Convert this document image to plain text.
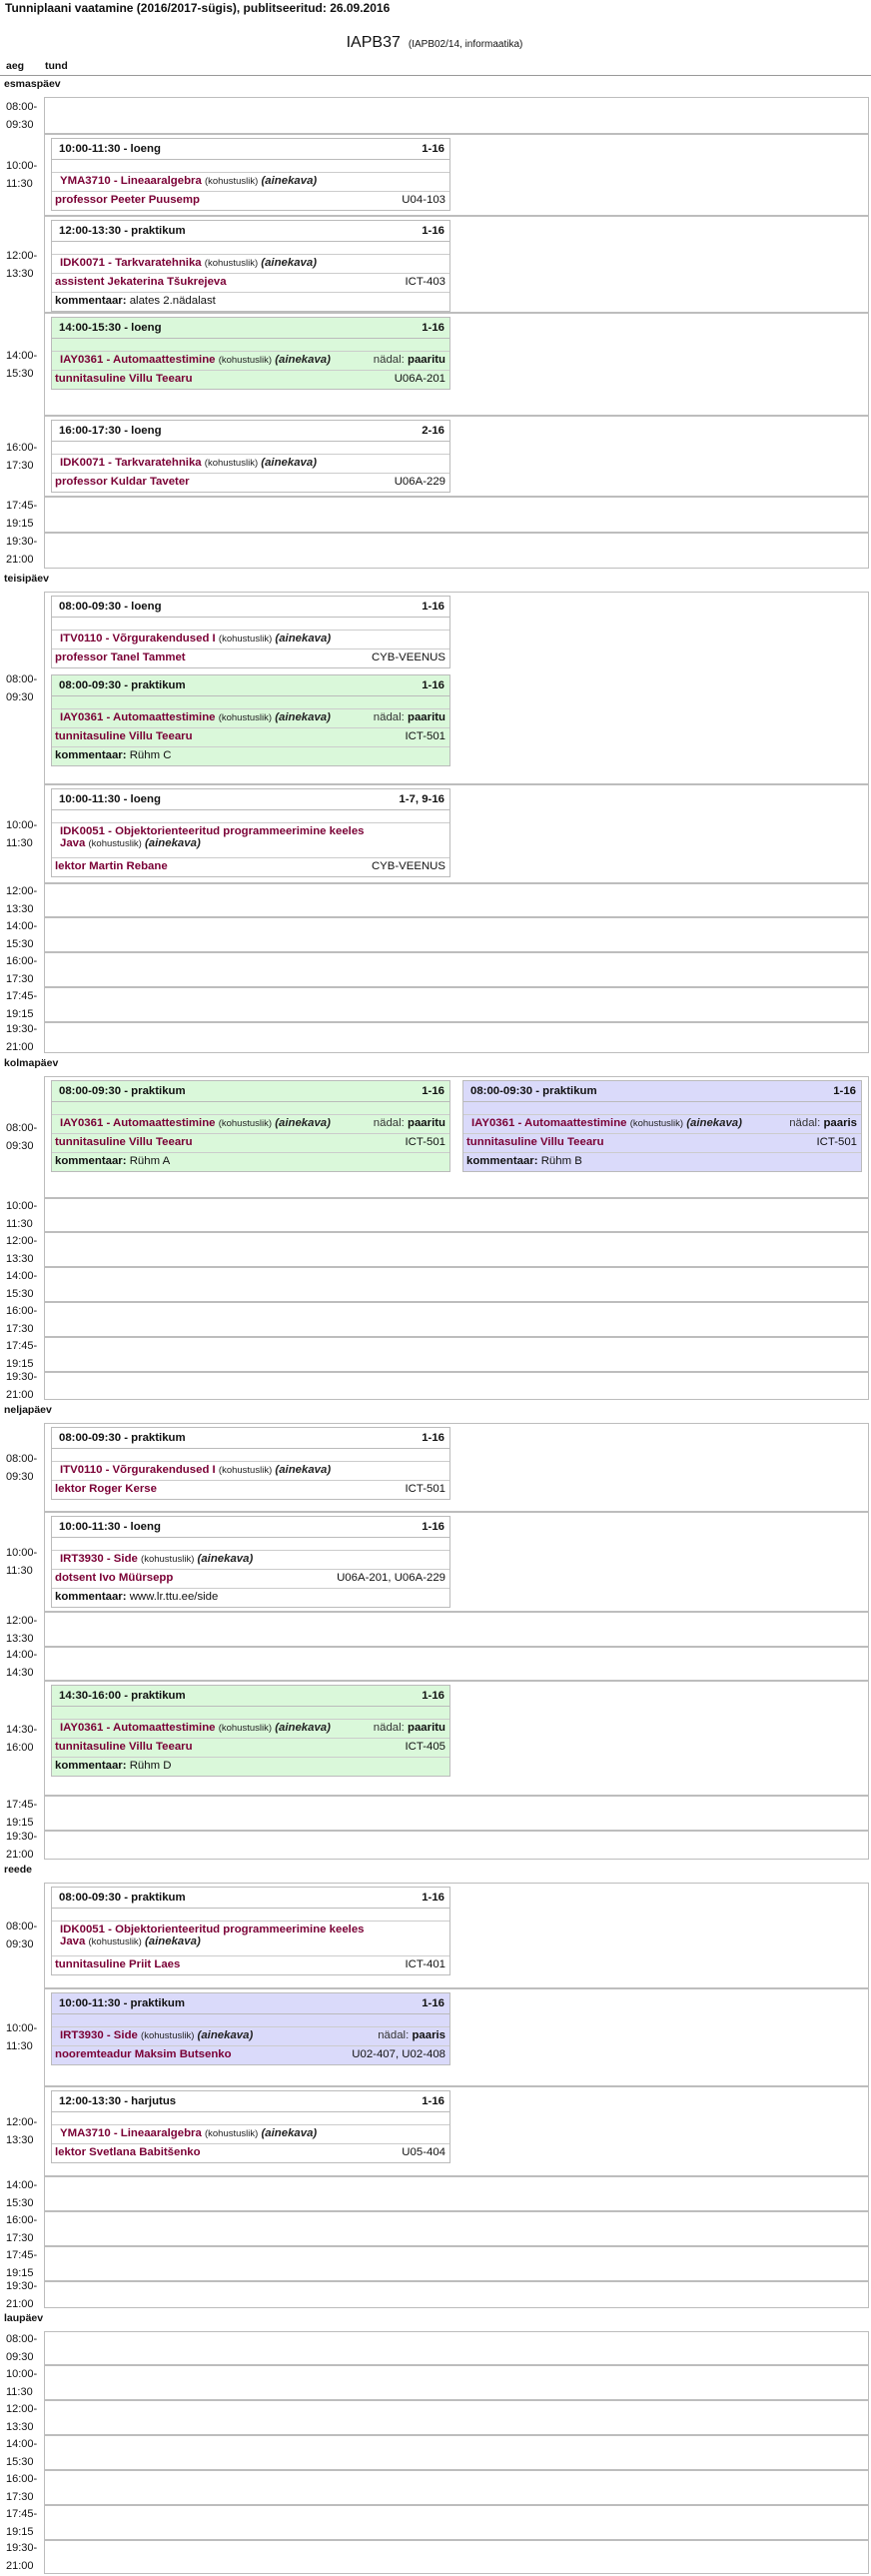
Tunniplaani vaatamine (2016/2017-sügis), publitseeritud: 26.09.2016
IAPB37 (IAPB02/14, informaatika)
aeg tund
esmaspäev
08:00-
09:30
10:00-
11:30
10:00-11:30 - loeng	1-16
YMA3710 - Lineaaralgebra (kohustuslik) (ainekava)
professor Peeter Puusemp	U04-103
12:00-
13:30
12:00-13:30 - praktikum	1-16
IDK0071 - Tarkvaratehnika (kohustuslik) (ainekava)
assistent Jekaterina Tšukrejeva	ICT-403
kommentaar: alates 2.nädalast
14:00-
15:30
14:00-15:30 - loeng	1-16
IAY0361 - Automaattestimine (kohustuslik) (ainekava)	nädal: paaritu
tunnitasuline Villu Teearu	U06A-201
16:00-
17:30
16:00-17:30 - loeng	2-16
IDK0071 - Tarkvaratehnika (kohustuslik) (ainekava)
professor Kuldar Taveter	U06A-229
17:45-
19:15
19:30-
21:00
teisipäev
08:00-
09:30
08:00-09:30 - loeng	1-16
ITV0110 - Võrgurakendused I (kohustuslik) (ainekava)
professor Tanel Tammet	CYB-VEENUS
08:00-09:30 - praktikum	1-16
IAY0361 - Automaattestimine (kohustuslik) (ainekava)	nädal: paaritu
tunnitasuline Villu Teearu	ICT-501
kommentaar: Rühm C
10:00-
11:30
10:00-11:30 - loeng	1-7, 9-16
IDK0051 - Objektorienteeritud programmeerimine keeles
Java (kohustuslik) (ainekava)
lektor Martin Rebane	CYB-VEENUS
12:00-
13:30
14:00-
15:30
16:00-
17:30
17:45-
19:15
19:30-
21:00
kolmapäev
08:00-
09:30
08:00-09:30 - praktikum	1-16
IAY0361 - Automaattestimine (kohustuslik) (ainekava)	nädal: paaritu
tunnitasuline Villu Teearu	ICT-501
kommentaar: Rühm A
08:00-09:30 - praktikum	1-16
IAY0361 - Automaattestimine (kohustuslik) (ainekava)	nädal: paaris
tunnitasuline Villu Teearu	ICT-501
kommentaar: Rühm B
10:00-
11:30
12:00-
13:30
14:00-
15:30
16:00-
17:30
17:45-
19:15
19:30-
21:00
neljapäev
08:00-
09:30
08:00-09:30 - praktikum	1-16
ITV0110 - Võrgurakendused I (kohustuslik) (ainekava)
lektor Roger Kerse	ICT-501
10:00-
11:30
10:00-11:30 - loeng	1-16
IRT3930 - Side (kohustuslik) (ainekava)
dotsent Ivo Müürsepp	U06A-201, U06A-229
kommentaar: www.lr.ttu.ee/side
12:00-
13:30
14:00-
14:30
14:30-
16:00
14:30-16:00 - praktikum	1-16
IAY0361 - Automaattestimine (kohustuslik) (ainekava)	nädal: paaritu
tunnitasuline Villu Teearu	ICT-405
kommentaar: Rühm D
17:45-
19:15
19:30-
21:00
reede
08:00-
09:30
08:00-09:30 - praktikum	1-16
IDK0051 - Objektorienteeritud programmeerimine keeles
Java (kohustuslik) (ainekava)
tunnitasuline Priit Laes	ICT-401
10:00-
11:30
10:00-11:30 - praktikum	1-16
IRT3930 - Side (kohustuslik) (ainekava)	nädal: paaris
nooremteadur Maksim Butsenko	U02-407, U02-408
12:00-
13:30
12:00-13:30 - harjutus	1-16
YMA3710 - Lineaaralgebra (kohustuslik) (ainekava)
lektor Svetlana Babitšenko	U05-404
14:00-
15:30
16:00-
17:30
17:45-
19:15
19:30-
21:00
laupäev
08:00-
09:30
10:00-
11:30
12:00-
13:30
14:00-
15:30
16:00-
17:30
17:45-
19:15
19:30-
21:00
